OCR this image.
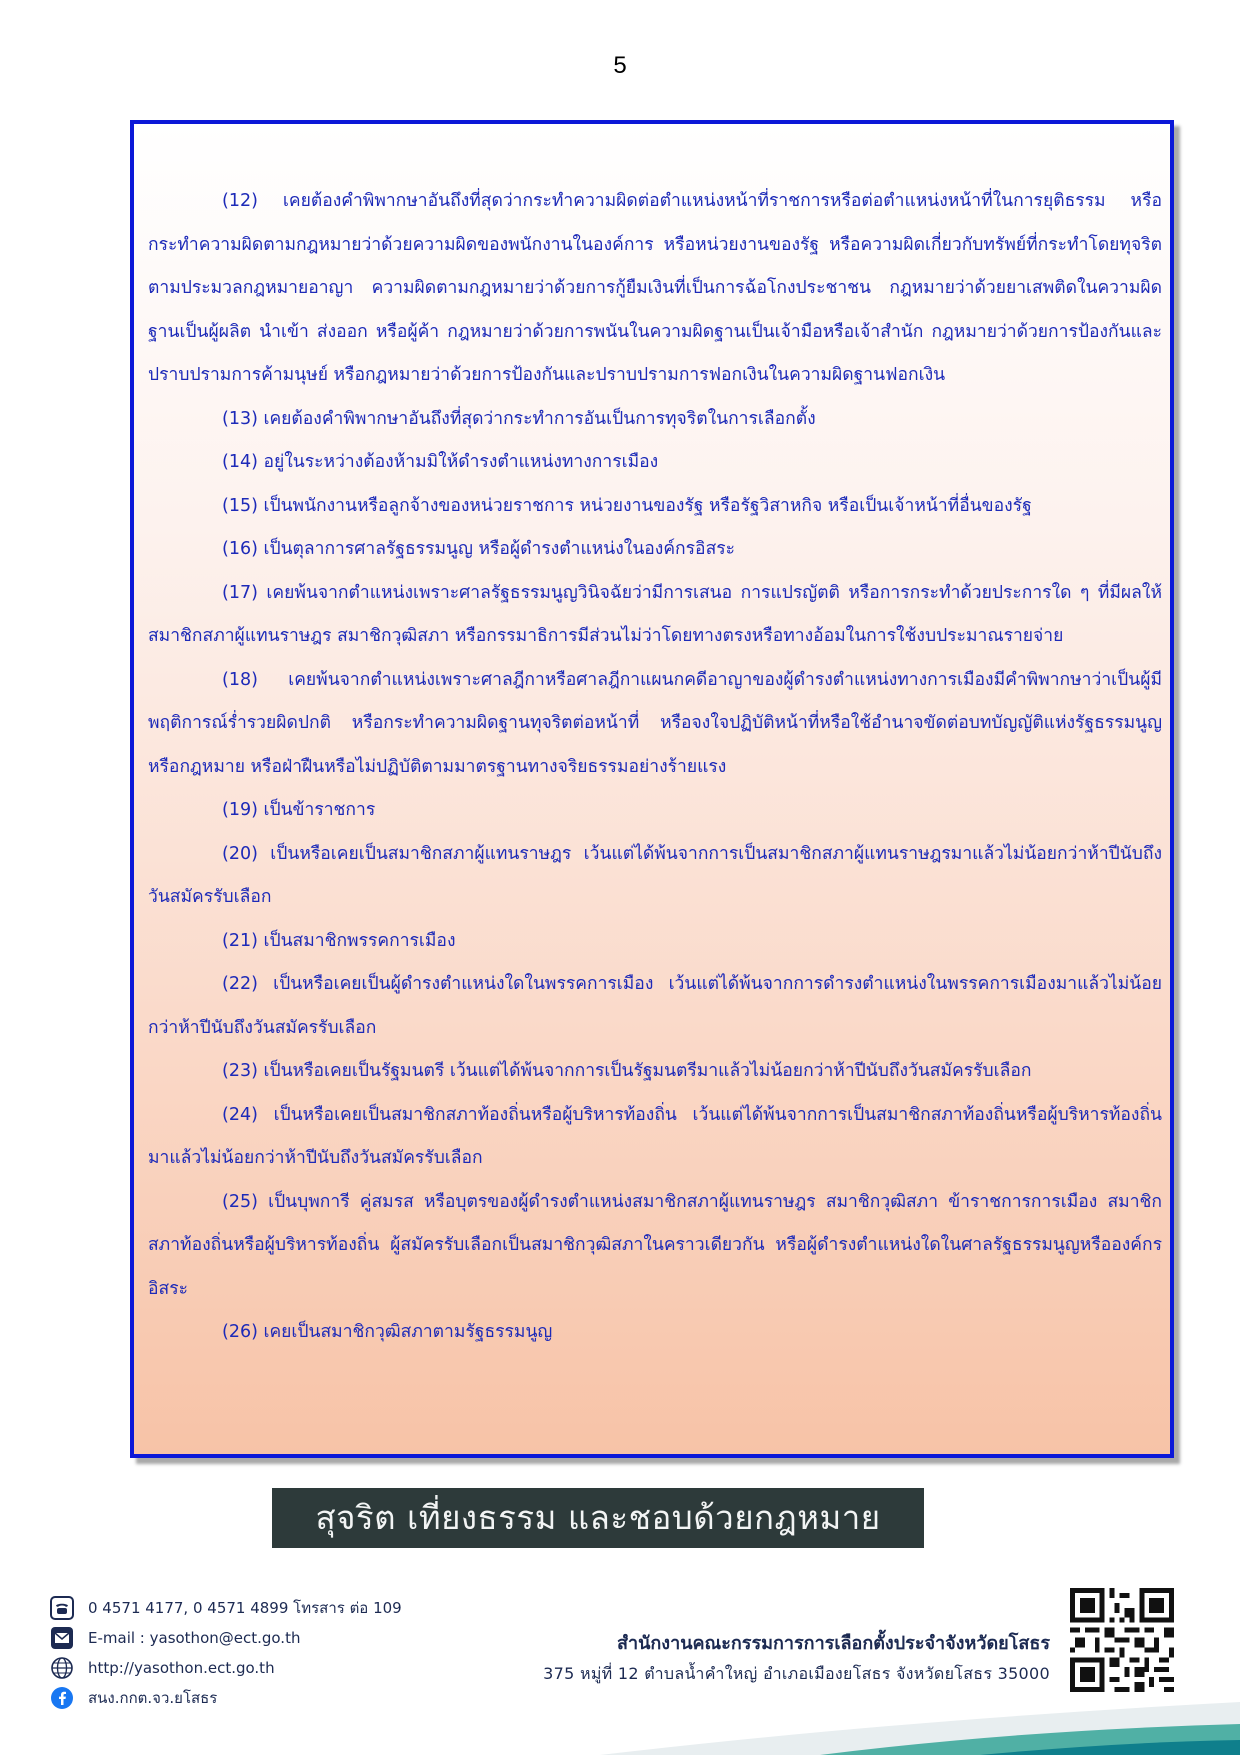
5

(12) เคยต้องคำพิพากษาอันถึงที่สุดว่ากระทำความผิดต่อตำแหน่งหน้าที่ราชการหรือต่อตำแหน่งหน้าที่ในการยุติธรรม หรือกระทำความผิดตามกฎหมายว่าด้วยความผิดของพนักงานในองค์การ หรือหน่วยงานของรัฐ หรือความผิดเกี่ยวกับทรัพย์ที่กระทำโดยทุจริตตามประมวลกฎหมายอาญา ความผิดตามกฎหมายว่าด้วยการกู้ยืมเงินที่เป็นการฉ้อโกงประชาชน กฎหมายว่าด้วยยาเสพติดในความผิดฐานเป็นผู้ผลิต นำเข้า ส่งออก หรือผู้ค้า กฎหมายว่าด้วยการพนันในความผิดฐานเป็นเจ้ามือหรือเจ้าสำนัก กฎหมายว่าด้วยการป้องกันและปราบปรามการค้ามนุษย์ หรือกฎหมายว่าด้วยการป้องกันและปราบปรามการฟอกเงินในความผิดฐานฟอกเงิน

(13) เคยต้องคำพิพากษาอันถึงที่สุดว่ากระทำการอันเป็นการทุจริตในการเลือกตั้ง

(14) อยู่ในระหว่างต้องห้ามมิให้ดำรงตำแหน่งทางการเมือง

(15) เป็นพนักงานหรือลูกจ้างของหน่วยราชการ หน่วยงานของรัฐ หรือรัฐวิสาหกิจ หรือเป็นเจ้าหน้าที่อื่นของรัฐ

(16) เป็นตุลาการศาลรัฐธรรมนูญ หรือผู้ดำรงตำแหน่งในองค์กรอิสระ

(17) เคยพ้นจากตำแหน่งเพราะศาลรัฐธรรมนูญวินิจฉัยว่ามีการเสนอ การแปรญัตติ หรือการกระทำด้วยประการใด ๆ ที่มีผลให้สมาชิกสภาผู้แทนราษฎร สมาชิกวุฒิสภา หรือกรรมาธิการมีส่วนไม่ว่าโดยทางตรงหรือทางอ้อมในการใช้งบประมาณรายจ่าย

(18) เคยพ้นจากตำแหน่งเพราะศาลฎีกาหรือศาลฎีกาแผนกคดีอาญาของผู้ดำรงตำแหน่งทางการเมืองมีคำพิพากษาว่าเป็นผู้มีพฤติการณ์ร่ำรวยผิดปกติ หรือกระทำความผิดฐานทุจริตต่อหน้าที่ หรือจงใจปฏิบัติหน้าที่หรือใช้อำนาจขัดต่อบทบัญญัติแห่งรัฐธรรมนูญหรือกฎหมาย หรือฝ่าฝืนหรือไม่ปฏิบัติตามมาตรฐานทางจริยธรรมอย่างร้ายแรง

(19) เป็นข้าราชการ

(20) เป็นหรือเคยเป็นสมาชิกสภาผู้แทนราษฎร เว้นแต่ได้พ้นจากการเป็นสมาชิกสภาผู้แทนราษฎรมาแล้วไม่น้อยกว่าห้าปีนับถึงวันสมัครรับเลือก

(21) เป็นสมาชิกพรรคการเมือง

(22) เป็นหรือเคยเป็นผู้ดำรงตำแหน่งใดในพรรคการเมือง เว้นแต่ได้พ้นจากการดำรงตำแหน่งในพรรคการเมืองมาแล้วไม่น้อยกว่าห้าปีนับถึงวันสมัครรับเลือก

(23) เป็นหรือเคยเป็นรัฐมนตรี เว้นแต่ได้พ้นจากการเป็นรัฐมนตรีมาแล้วไม่น้อยกว่าห้าปีนับถึงวันสมัครรับเลือก

(24) เป็นหรือเคยเป็นสมาชิกสภาท้องถิ่นหรือผู้บริหารท้องถิ่น เว้นแต่ได้พ้นจากการเป็นสมาชิกสภาท้องถิ่นหรือผู้บริหารท้องถิ่นมาแล้วไม่น้อยกว่าห้าปีนับถึงวันสมัครรับเลือก

(25) เป็นบุพการี คู่สมรส หรือบุตรของผู้ดำรงตำแหน่งสมาชิกสภาผู้แทนราษฎร สมาชิกวุฒิสภา ข้าราชการการเมือง สมาชิกสภาท้องถิ่นหรือผู้บริหารท้องถิ่น ผู้สมัครรับเลือกเป็นสมาชิกวุฒิสภาในคราวเดียวกัน หรือผู้ดำรงตำแหน่งใดในศาลรัฐธรรมนูญหรือองค์กรอิสระ

(26) เคยเป็นสมาชิกวุฒิสภาตามรัฐธรรมนูญ

สุจริต เที่ยงธรรม และชอบด้วยกฎหมาย
0 4571 4177, 0 4571 4899 โทรสาร ต่อ 109
E-mail : yasothon@ect.go.th
http://yasothon.ect.go.th
สนง.กกต.จว.ยโสธร
สำนักงานคณะกรรมการการเลือกตั้งประจำจังหวัดยโสธร
375 หมู่ที่ 12 ตำบลน้ำคำใหญ่ อำเภอเมืองยโสธร จังหวัดยโสธร 35000
